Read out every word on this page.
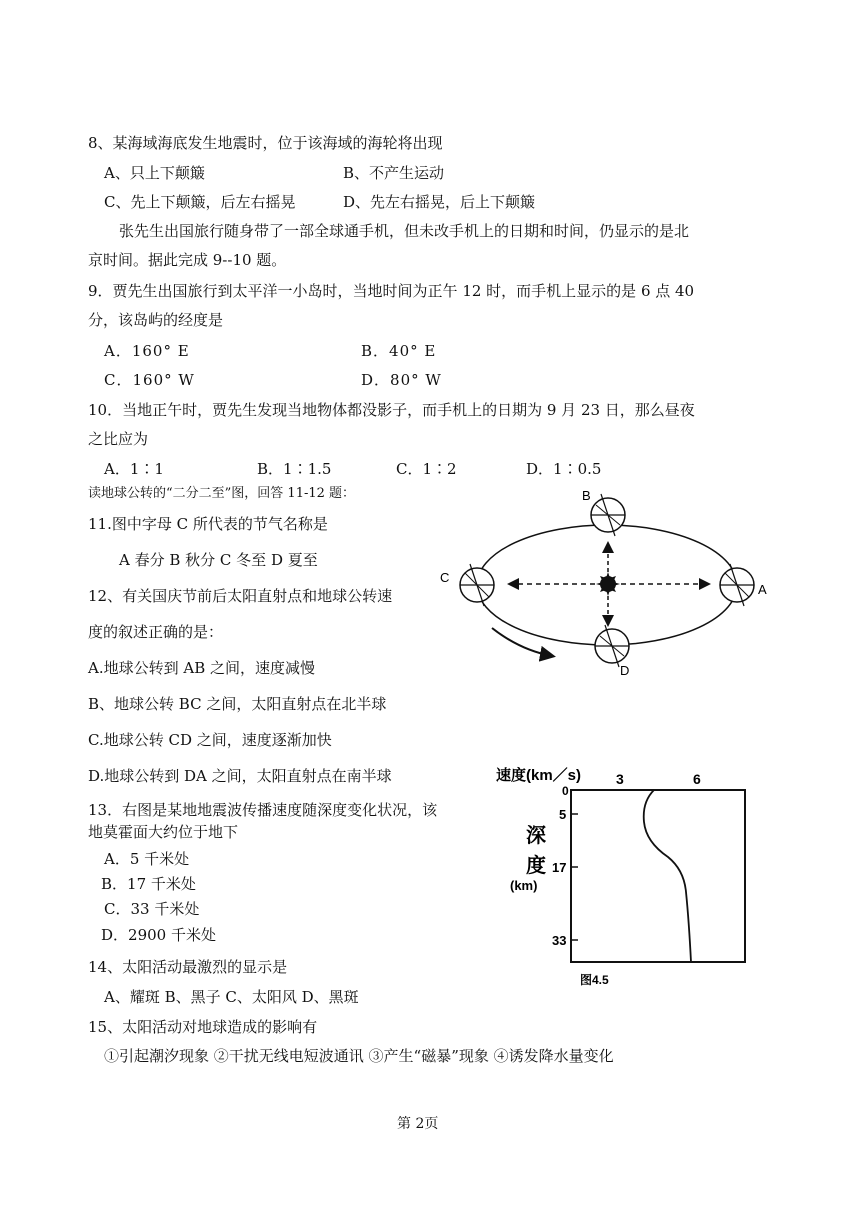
8、某海域海底发生地震时，位于该海域的海轮将出现
A、只上下颠簸	B、不产生运动
C、先上下颠簸，后左右摇晃	D、先左右摇晃，后上下颠簸
张先生出国旅行随身带了一部全球通手机，但未改手机上的日期和时间，仍显示的是北
京时间。据此完成 9--10 题。
9．贾先生出国旅行到太平洋一小岛时，当地时间为正午 12 时，而手机上显示的是 6 点 40
分，该岛屿的经度是
A．160° E	B．40° E
C．160° W	D．80° W
10．当地正午时，贾先生发现当地物体都没影子，而手机上的日期为 9 月 23 日，那么昼夜
之比应为
A．1∶1	B．1∶1.5	C．1∶2	D．1∶0.5
读地球公转的“二分二至”图，回答 11-12 题：
11.图中字母 C 所代表的节气名称是
A 春分 B 秋分 C 冬至 D 夏至
12、有关国庆节前后太阳直射点和地球公转速
度的叙述正确的是：
A.地球公转到 AB 之间，速度减慢
B、地球公转 BC 之间，太阳直射点在北半球
C.地球公转 CD 之间，速度逐渐加快
D.地球公转到 DA 之间，太阳直射点在南半球
B
C
A
D
13．右图是某地地震波传播速度随深度变化状况，该
地莫霍面大约位于地下
A．5 千米处
B．17 千米处
C．33 千米处
D．2900 千米处
速度(km／s) 3	6
0
深
度
(km)
5
17
33
图4.5
14、太阳活动最激烈的显示是
A、耀斑 B、黑子 C、太阳风 D、黑斑
15、太阳活动对地球造成的影响有
①引起潮汐现象 ②干扰无线电短波通讯 ③产生“磁暴”现象 ④诱发降水量变化
第 2页
